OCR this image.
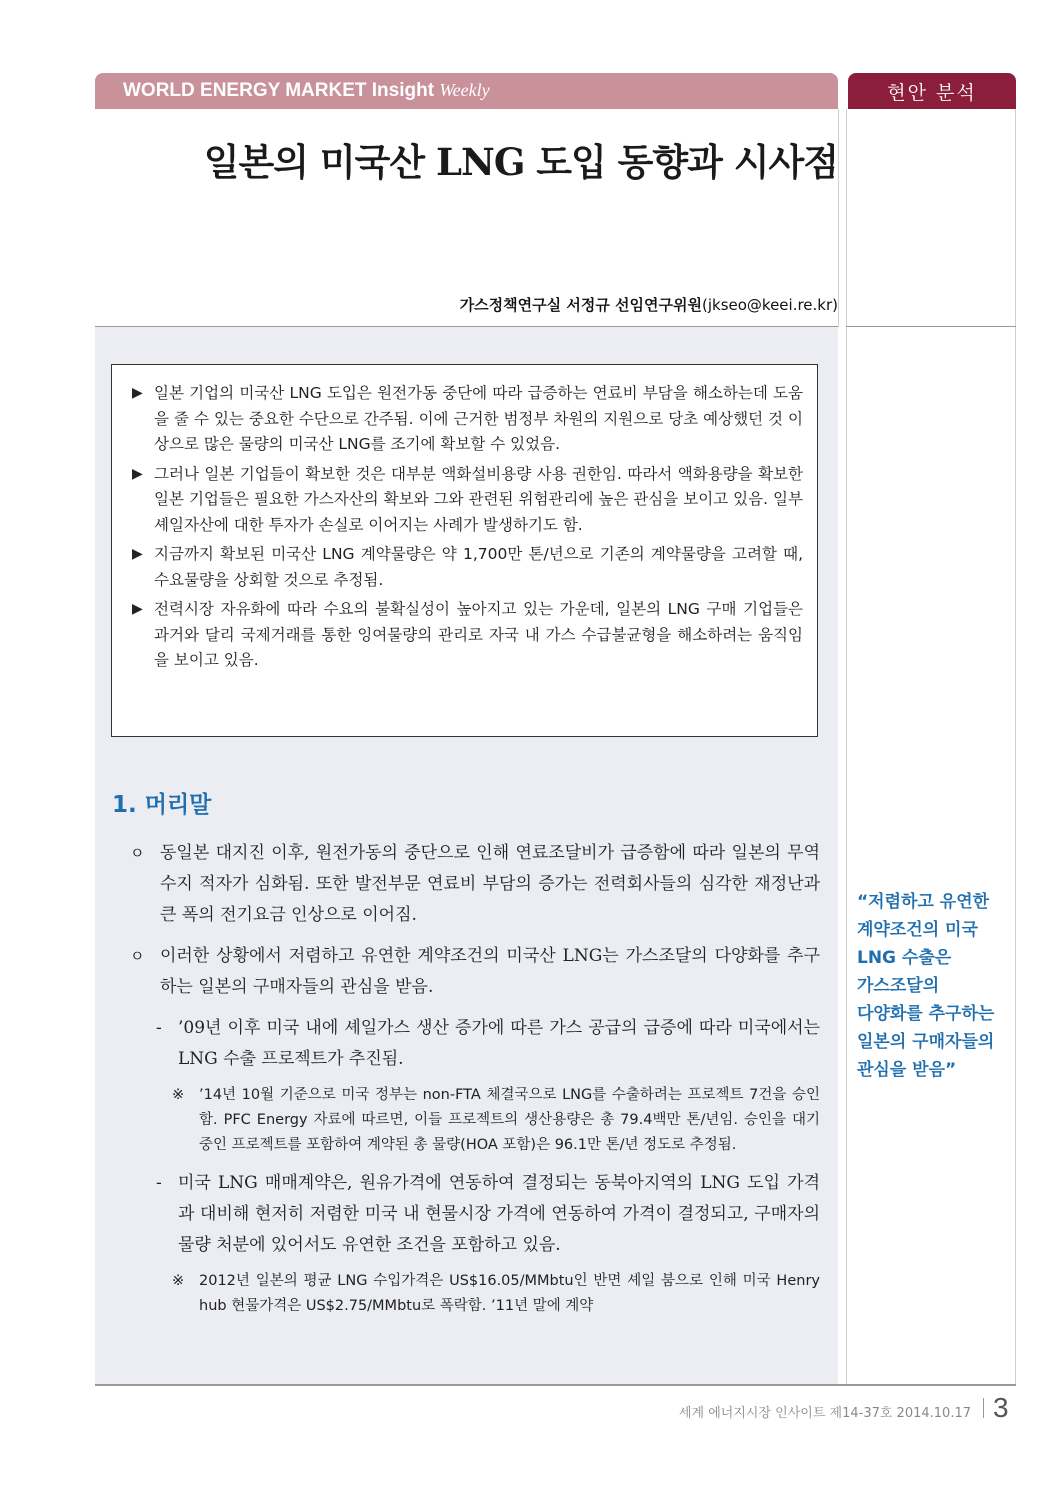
WORLD ENERGY MARKET Insight Weekly	현안 분석
일본의 미국산 LNG 도입 동향과 시사점
가스정책연구실 서정규 선임연구위원(jkseo@keei.re.kr)
▶ 일본 기업의 미국산 LNG 도입은 원전가동 중단에 따라 급증하는 연료비 부담을 해소하는데 도움을 줄 수 있는 중요한 수단으로 간주됨. 이에 근거한 범정부 차원의 지원으로 당초 예상했던 것 이상으로 많은 물량의 미국산 LNG를 조기에 확보할 수 있었음.
▶ 그러나 일본 기업들이 확보한 것은 대부분 액화설비용량 사용 권한임. 따라서 액화용량을 확보한 일본 기업들은 필요한 가스자산의 확보와 그와 관련된 위험관리에 높은 관심을 보이고 있음. 일부 셰일자산에 대한 투자가 손실로 이어지는 사례가 발생하기도 함.
▶ 지금까지 확보된 미국산 LNG 계약물량은 약 1,700만 톤/년으로 기존의 계약물량을 고려할 때, 수요물량을 상회할 것으로 추정됨.
▶ 전력시장 자유화에 따라 수요의 불확실성이 높아지고 있는 가운데, 일본의 LNG 구매 기업들은 과거와 달리 국제거래를 통한 잉여물량의 관리로 자국 내 가스 수급불균형을 해소하려는 움직임을 보이고 있음.
1. 머리말
ㅇ 동일본 대지진 이후, 원전가동의 중단으로 인해 연료조달비가 급증함에 따라 일본의 무역수지 적자가 심화됨. 또한 발전부문 연료비 부담의 증가는 전력회사들의 심각한 재정난과 큰 폭의 전기요금 인상으로 이어짐.
ㅇ 이러한 상황에서 저렴하고 유연한 계약조건의 미국산 LNG는 가스조달의 다양화를 추구하는 일본의 구매자들의 관심을 받음.
- ’09년 이후 미국 내에 셰일가스 생산 증가에 따른 가스 공급의 급증에 따라 미국에서는 LNG 수출 프로젝트가 추진됨.
※	’14년 10월 기준으로 미국 정부는 non-FTA 체결국으로 LNG를 수출하려는 프로젝트 7건을 승인함. PFC Energy 자료에 따르면, 이들 프로젝트의 생산용량은 총 79.4백만 톤/년임. 승인을 대기 중인 프로젝트를 포함하여 계약된 총 물량(HOA 포함)은 96.1만 톤/년 정도로 추정됨.
- 미국 LNG 매매계약은, 원유가격에 연동하여 결정되는 동북아지역의 LNG 도입 가격과 대비해 현저히 저렴한 미국 내 현물시장 가격에 연동하여 가격이 결정되고, 구매자의 물량 처분에 있어서도 유연한 조건을 포함하고 있음.
※	2012년 일본의 평균 LNG 수입가격은 US$16.05/MMbtu인 반면 셰일 붐으로 인해 미국 Henry hub 현물가격은 US$2.75/MMbtu로 폭락함. ’11년 말에 계약
“저렴하고 유연한
계약조건의 미국
LNG 수출은
가스조달의
다양화를 추구하는
일본의 구매자들의
관심을 받음”
세계 에너지시장 인사이트 제14-37호 2014.10.17 3
